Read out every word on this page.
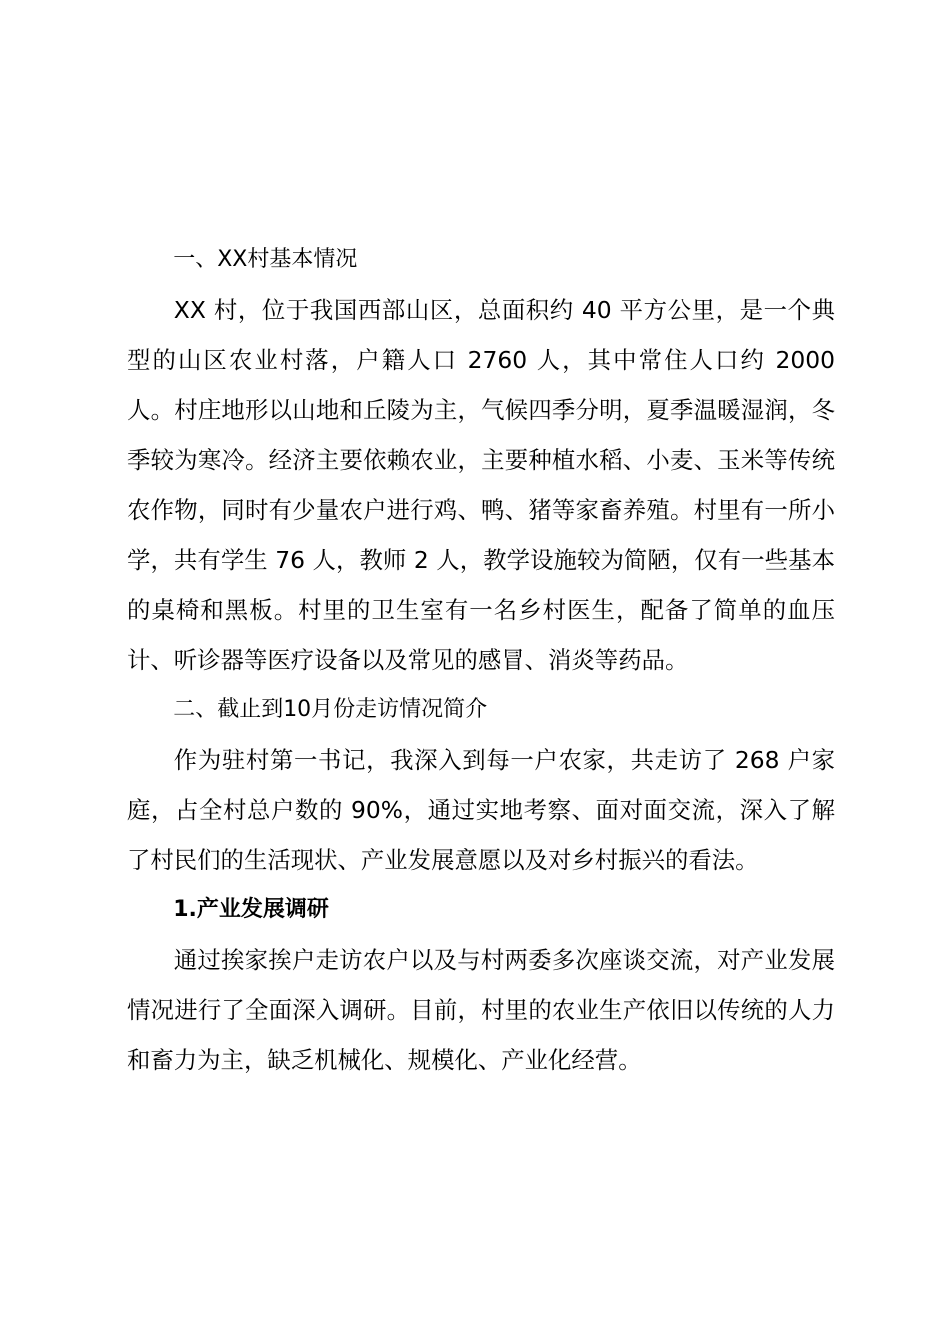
一、XX村基本情况

XX 村，位于我国西部山区，总面积约 40 平方公里，是一个典型的山区农业村落，户籍人口 2760 人，其中常住人口约 2000 人。村庄地形以山地和丘陵为主，气候四季分明，夏季温暖湿润，冬季较为寒冷。经济主要依赖农业，主要种植水稻、小麦、玉米等传统农作物，同时有少量农户进行鸡、鸭、猪等家畜养殖。村里有一所小学，共有学生 76 人，教师 2 人，教学设施较为简陋，仅有一些基本的桌椅和黑板。村里的卫生室有一名乡村医生，配备了简单的血压计、听诊器等医疗设备以及常见的感冒、消炎等药品。

二、截止到10月份走访情况简介

作为驻村第一书记，我深入到每一户农家，共走访了 268 户家庭，占全村总户数的 90%，通过实地考察、面对面交流，深入了解了村民们的生活现状、产业发展意愿以及对乡村振兴的看法。

1.产业发展调研

通过挨家挨户走访农户以及与村两委多次座谈交流，对产业发展情况进行了全面深入调研。目前，村里的农业生产依旧以传统的人力和畜力为主，缺乏机械化、规模化、产业化经营。
